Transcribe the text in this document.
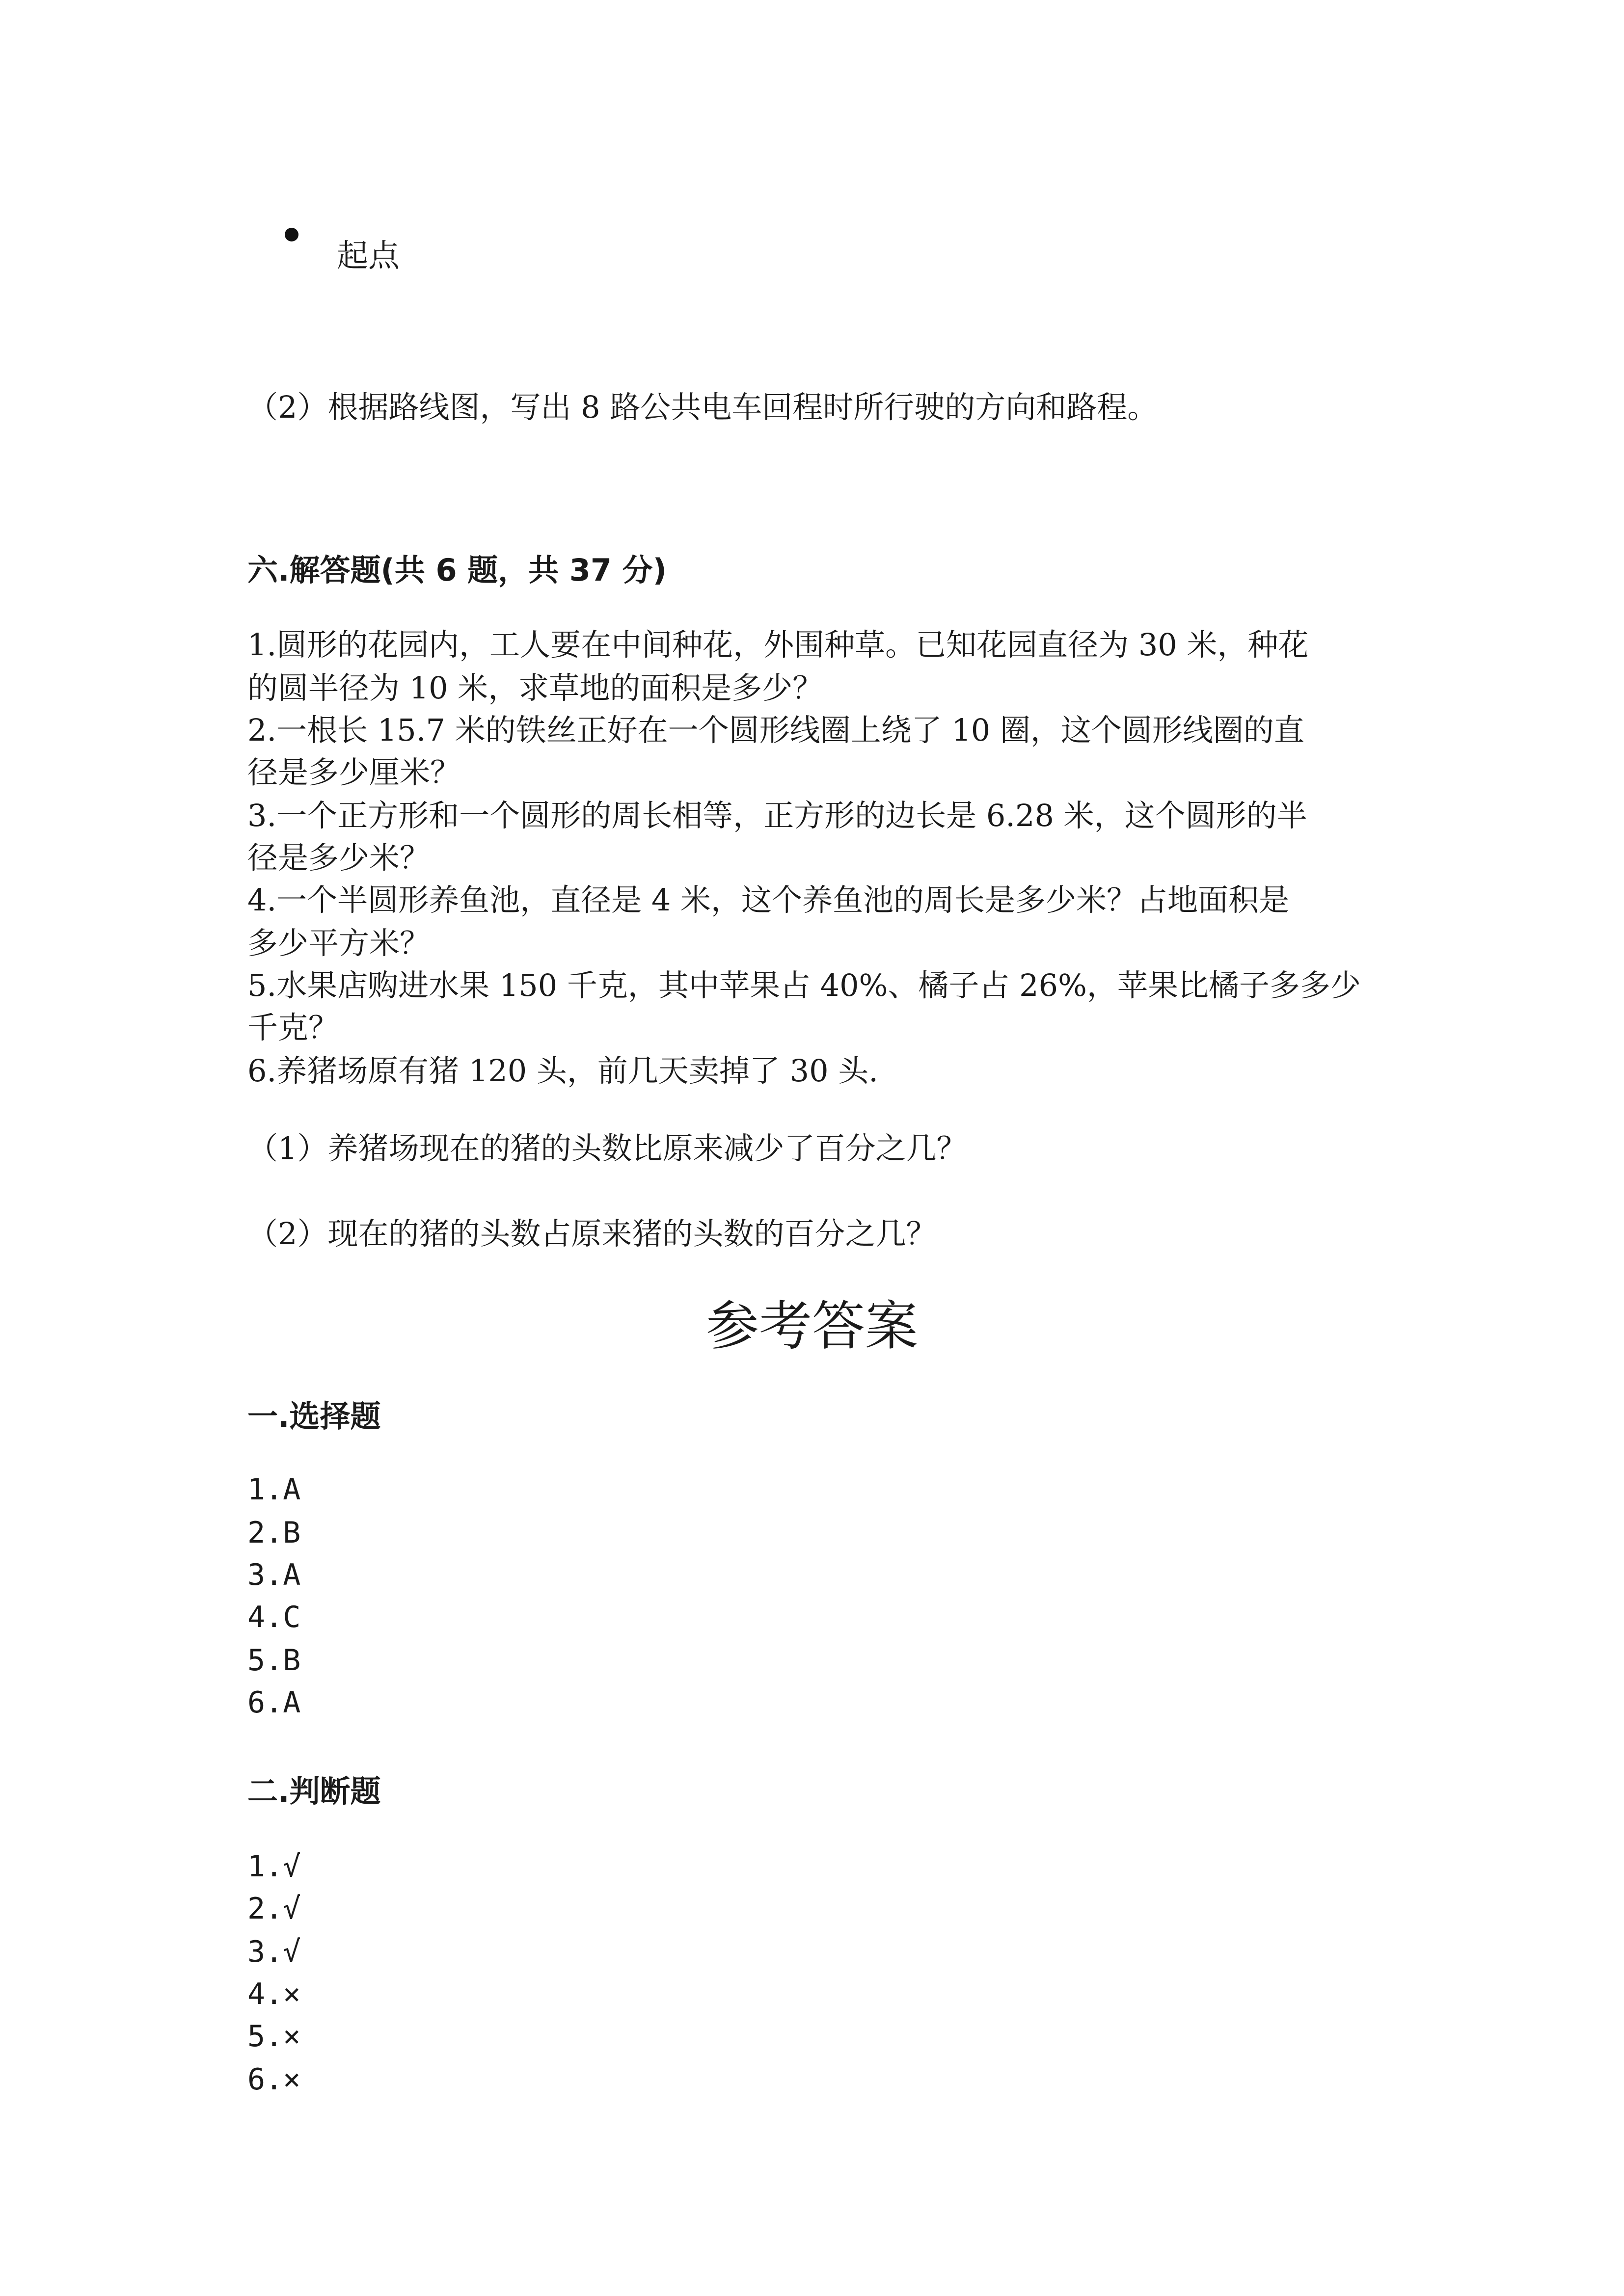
起点
（2）根据路线图，写出 8 路公共电车回程时所行驶的方向和路程。
六.解答题(共 6 题，共 37 分)
1.圆形的花园内，工人要在中间种花，外围种草。已知花园直径为 30 米，种花
的圆半径为 10 米，求草地的面积是多少？
2.一根长 15.7 米的铁丝正好在一个圆形线圈上绕了 10 圈，这个圆形线圈的直
径是多少厘米？
3.一个正方形和一个圆形的周长相等，正方形的边长是 6.28 米，这个圆形的半
径是多少米？
4.一个半圆形养鱼池，直径是 4 米，这个养鱼池的周长是多少米？占地面积是
多少平方米？
5.水果店购进水果 150 千克，其中苹果占 40%、橘子占 26%，苹果比橘子多多少
千克？
6.养猪场原有猪 120 头，前几天卖掉了 30 头.
（1）养猪场现在的猪的头数比原来减少了百分之几？
（2）现在的猪的头数占原来猪的头数的百分之几？
参考答案
一.选择题
1.A
2.B
3.A
4.C
5.B
6.A
二.判断题
1.√
2.√
3.√
4.×
5.×
6.×
